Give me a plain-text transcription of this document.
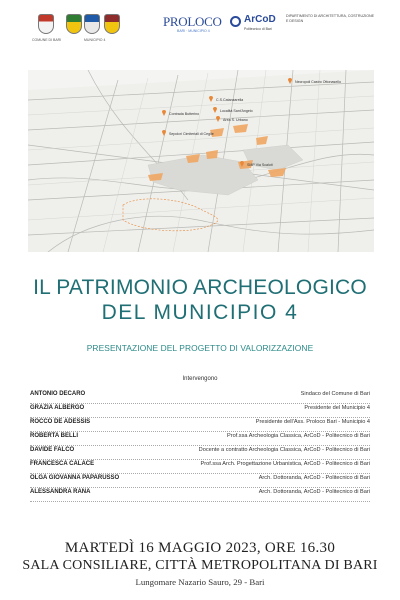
COMUNE DI BARI	MUNICIPIO 4
PROLOCO
BARI · MUNICIPIO 4
ArCoD
Politecnico di Bari
DIPARTIMENTO DI ARCHITETTURA, COSTRUZIONE E DESIGN
Necropoli Castro Ottonasello
C.S.Catanzarella
Località Sant'Angelo
Contrada Butterino
Area S. Urbano
Sepolcri Cimiteriali di Ceglie
SMP Via Scaloti
IL PATRIMONIO ARCHEOLOGICO
DEL MUNICIPIO 4
PRESENTAZIONE DEL PROGETTO DI VALORIZZAZIONE
Intervengono
ANTONIO DECARO	Sindaco del Comune di Bari
GRAZIA ALBERGO	Presidente del Municipio 4
ROCCO DE ADESSIS	Presidente dell'Ass. Proloco Bari - Municipio 4
ROBERTA BELLI	Prof.ssa Archeologia Classica, ArCoD - Politecnico di Bari
DAVIDE FALCO	Docente a contratto Archeologia Classica, ArCoD - Politecnico di Bari
FRANCESCA CALACE	Prof.ssa Arch. Progettazione Urbanistica, ArCoD - Politecnico di Bari
OLGA GIOVANNA PAPARUSSO	Arch. Dottoranda, ArCoD - Politecnico di Bari
ALESSANDRA RANA	Arch. Dottoranda, ArCoD - Politecnico di Bari
MARTEDÌ 16 MAGGIO 2023, ORE 16.30
SALA CONSILIARE, CITTÀ METROPOLITANA DI BARI
Lungomare Nazario Sauro, 29 - Bari
